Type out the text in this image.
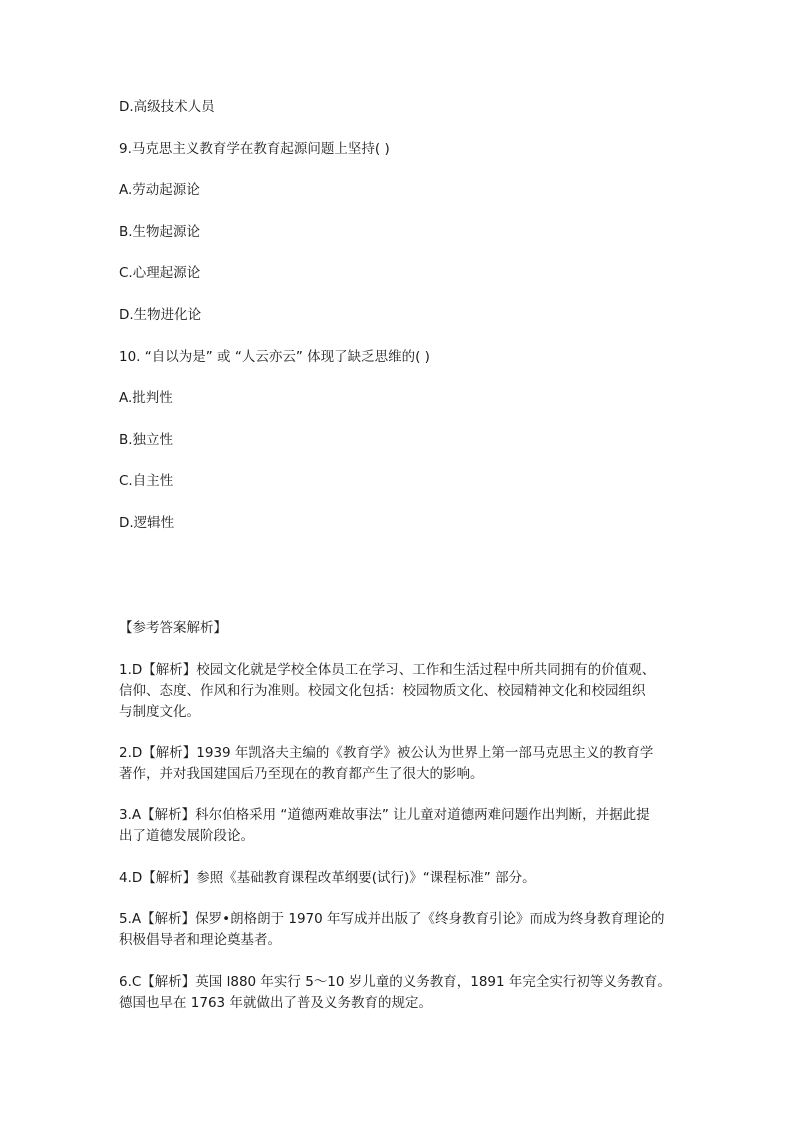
D.高级技术人员
9.马克思主义教育学在教育起源问题上坚持( )
A.劳动起源论
B.生物起源论
C.心理起源论
D.生物进化论
10. “自以为是” 或 “人云亦云” 体现了缺乏思维的( )
A.批判性
B.独立性
C.自主性
D.逻辑性
【参考答案解析】
1.D【解析】校园文化就是学校全体员工在学习、工作和生活过程中所共同拥有的价值观、
信仰、态度、作风和行为准则。校园文化包括：校园物质文化、校园精神文化和校园组织
与制度文化。
2.D【解析】1939 年凯洛夫主编的《教育学》被公认为世界上第一部马克思主义的教育学
著作，并对我国建国后乃至现在的教育都产生了很大的影响。
3.A【解析】科尔伯格采用 “道德两难故事法” 让儿童对道德两难问题作出判断，并据此提
出了道德发展阶段论。
4.D【解析】参照《基础教育课程改革纲要(试行)》“课程标准” 部分。
5.A【解析】保罗•朗格朗于 1970 年写成并出版了《终身教育引论》而成为终身教育理论的
积极倡导者和理论奠基者。
6.C【解析】英国 l880 年实行 5～10 岁儿童的义务教育，1891 年完全实行初等义务教育。
德国也早在 1763 年就做出了普及义务教育的规定。
